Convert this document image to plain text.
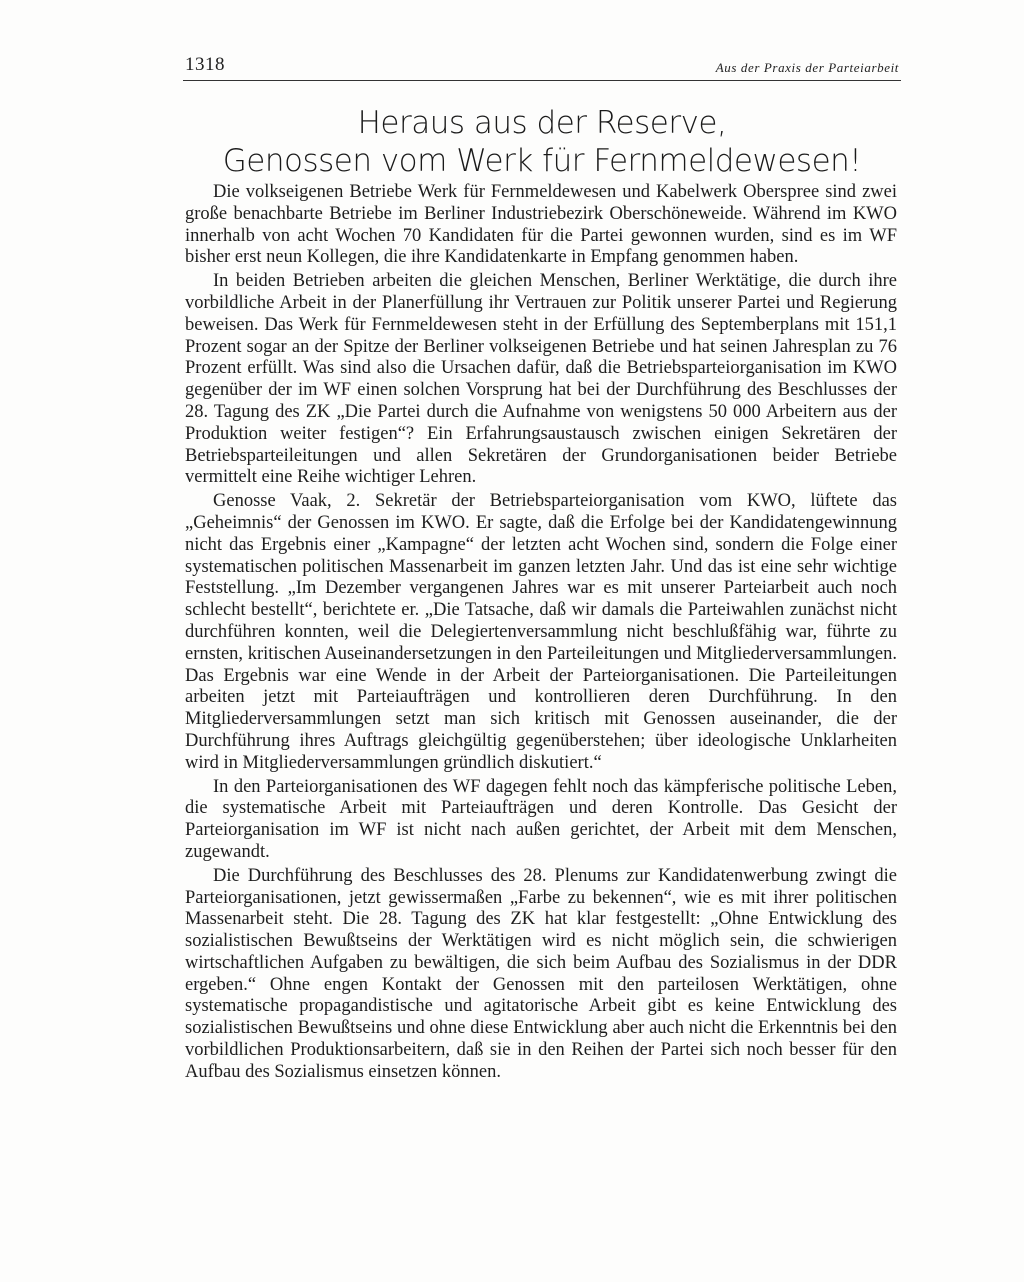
1318	Aus der Praxis der Parteiarbeit
Heraus aus der Reserve,
Genossen vom Werk für Fernmeldewesen!

Die volkseigenen Betriebe Werk für Fernmeldewesen und Kabelwerk Oberspree sind zwei große benachbarte Betriebe im Berliner Industriebezirk Oberschöneweide. Während im KWO innerhalb von acht Wochen 70 Kandidaten für die Partei gewonnen wurden, sind es im WF bisher erst neun Kollegen, die ihre Kandidatenkarte in Empfang genommen haben.

In beiden Betrieben arbeiten die gleichen Menschen, Berliner Werktätige, die durch ihre vorbildliche Arbeit in der Planerfüllung ihr Vertrauen zur Politik unserer Partei und Regierung beweisen. Das Werk für Fernmeldewesen steht in der Erfüllung des Septemberplans mit 151,1 Prozent sogar an der Spitze der Berliner volkseigenen Betriebe und hat seinen Jahresplan zu 76 Prozent erfüllt. Was sind also die Ursachen dafür, daß die Betriebsparteiorganisation im KWO gegenüber der im WF einen solchen Vorsprung hat bei der Durchführung des Beschlusses der 28. Tagung des ZK „Die Partei durch die Aufnahme von wenigstens 50 000 Arbeitern aus der Produktion weiter festigen“? Ein Erfahrungsaustausch zwischen einigen Sekretären der Betriebsparteileitungen und allen Sekretären der Grundorganisationen beider Betriebe vermittelt eine Reihe wichtiger Lehren.

Genosse Vaak, 2. Sekretär der Betriebsparteiorganisation vom KWO, lüftete das „Geheimnis“ der Genossen im KWO. Er sagte, daß die Erfolge bei der Kandidatengewinnung nicht das Ergebnis einer „Kampagne“ der letzten acht Wochen sind, sondern die Folge einer systematischen politischen Massenarbeit im ganzen letzten Jahr. Und das ist eine sehr wichtige Feststellung. „Im Dezember vergangenen Jahres war es mit unserer Parteiarbeit auch noch schlecht bestellt“, berichtete er. „Die Tatsache, daß wir damals die Parteiwahlen zunächst nicht durchführen konnten, weil die Delegiertenversammlung nicht beschlußfähig war, führte zu ernsten, kritischen Auseinandersetzungen in den Parteileitungen und Mitgliederversammlungen. Das Ergebnis war eine Wende in der Arbeit der Parteiorganisationen. Die Parteileitungen arbeiten jetzt mit Parteiaufträgen und kontrollieren deren Durchführung. In den Mitgliederversammlungen setzt man sich kritisch mit Genossen auseinander, die der Durchführung ihres Auftrags gleichgültig gegenüberstehen; über ideologische Unklarheiten wird in Mitgliederversammlungen gründlich diskutiert.“

In den Parteiorganisationen des WF dagegen fehlt noch das kämpferische politische Leben, die systematische Arbeit mit Parteiaufträgen und deren Kontrolle. Das Gesicht der Parteiorganisation im WF ist nicht nach außen gerichtet, der Arbeit mit dem Menschen, zugewandt.

Die Durchführung des Beschlusses des 28. Plenums zur Kandidatenwerbung zwingt die Parteiorganisationen, jetzt gewissermaßen „Farbe zu bekennen“, wie es mit ihrer politischen Massenarbeit steht. Die 28. Tagung des ZK hat klar festgestellt: „Ohne Entwicklung des sozialistischen Bewußtseins der Werktätigen wird es nicht möglich sein, die schwierigen wirtschaftlichen Aufgaben zu bewältigen, die sich beim Aufbau des Sozialismus in der DDR ergeben.“ Ohne engen Kontakt der Genossen mit den parteilosen Werktätigen, ohne systematische propagandistische und agitatorische Arbeit gibt es keine Entwicklung des sozialistischen Bewußtseins und ohne diese Entwicklung aber auch nicht die Erkenntnis bei den vorbildlichen Produktionsarbeitern, daß sie in den Reihen der Partei sich noch besser für den Aufbau des Sozialismus einsetzen können.
